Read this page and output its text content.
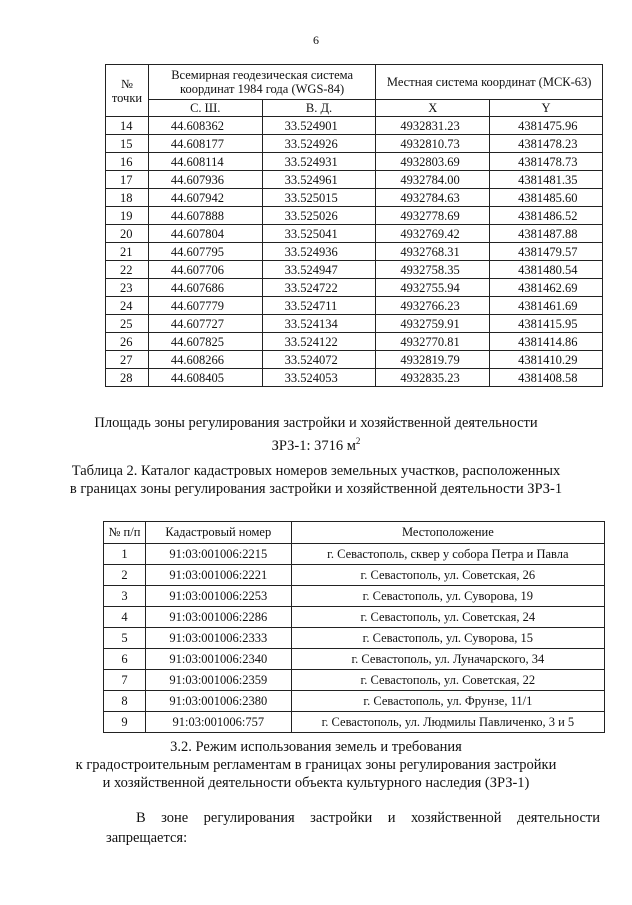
6
№ точки	Всемирная геодезическая система координат 1984 года (WGS-84)		Местная система координат (МСК-63)	
	С. Ш.	В. Д.	X	Y
14	44.608362	33.524901	4932831.23	4381475.96
15	44.608177	33.524926	4932810.73	4381478.23
16	44.608114	33.524931	4932803.69	4381478.73
17	44.607936	33.524961	4932784.00	4381481.35
18	44.607942	33.525015	4932784.63	4381485.60
19	44.607888	33.525026	4932778.69	4381486.52
20	44.607804	33.525041	4932769.42	4381487.88
21	44.607795	33.524936	4932768.31	4381479.57
22	44.607706	33.524947	4932758.35	4381480.54
23	44.607686	33.524722	4932755.94	4381462.69
24	44.607779	33.524711	4932766.23	4381461.69
25	44.607727	33.524134	4932759.91	4381415.95
26	44.607825	33.524122	4932770.81	4381414.86
27	44.608266	33.524072	4932819.79	4381410.29
28	44.608405	33.524053	4932835.23	4381408.58
Площадь зоны регулирования застройки и хозяйственной деятельности
ЗРЗ-1: 3716 $м^2$
Таблица 2. Каталог кадастровых номеров земельных участков, расположенных
в границах зоны регулирования застройки и хозяйственной деятельности ЗРЗ-1
№ п/п	Кадастровый номер	Местоположение
1	91:03:001006:2215	г. Севастополь, сквер у собора Петра и Павла
2	91:03:001006:2221	г. Севастополь, ул. Советская, 26
3	91:03:001006:2253	г. Севастополь, ул. Суворова, 19
4	91:03:001006:2286	г. Севастополь, ул. Советская, 24
5	91:03:001006:2333	г. Севастополь, ул. Суворова, 15
6	91:03:001006:2340	г. Севастополь, ул. Луначарского, 34
7	91:03:001006:2359	г. Севастополь, ул. Советская, 22
8	91:03:001006:2380	г. Севастополь, ул. Фрунзе, 11/1
9	91:03:001006:757	г. Севастополь, ул. Людмилы Павличенко, 3 и 5
3.2. Режим использования земель и требования
к градостроительным регламентам в границах зоны регулирования застройки
и хозяйственной деятельности объекта культурного наследия (ЗРЗ-1)
В зоне регулирования застройки и хозяйственной деятельности
запрещается:
